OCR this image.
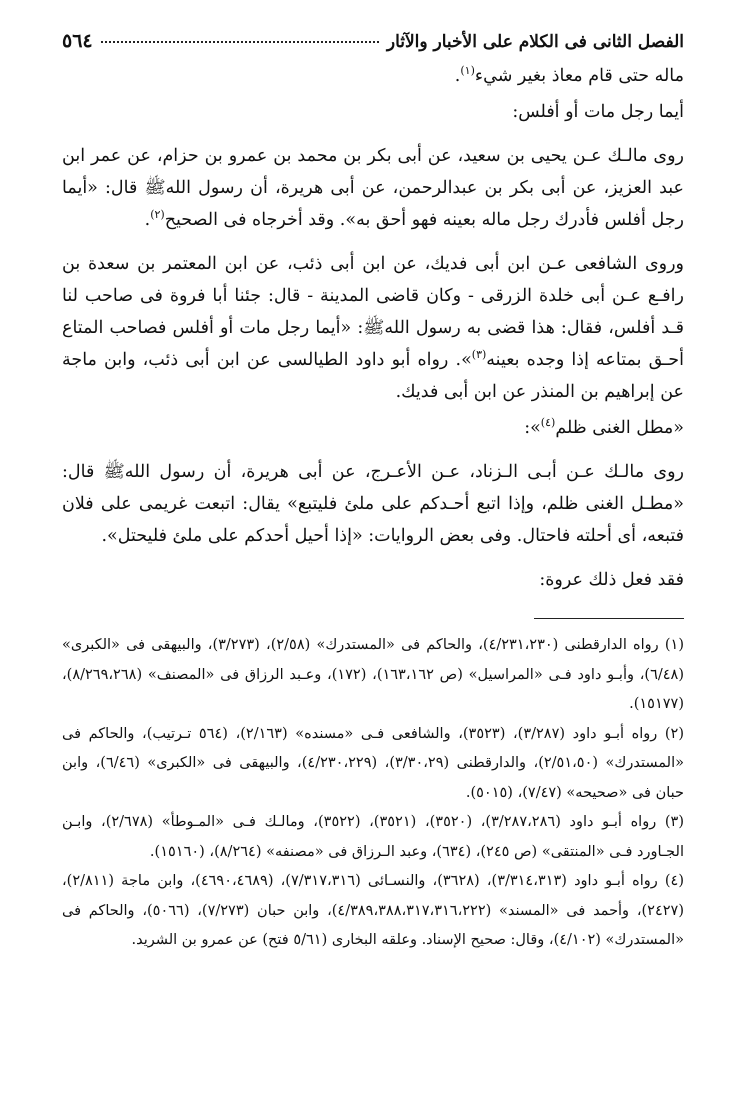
الفصل الثانى فى الكلام على الأخبار والآثار
٥٦٤

ماله حتى قام معاذ بغير شيء$^{(١)}$.

أيما رجل مات أو أفلس:

روى مالـك عـن يحيى بن سعيد، عن أبى بكر بن محمد بن عمرو بن حزام، عن عمر ابن عبد العزيز، عن أبى بكر بن عبدالرحمن، عن أبى هريرة، أن رسول اللهﷺ قال: «أيما رجل أفلس فأدرك رجل ماله بعينه فهو أحق به». وقد أخرجاه فى الصحيح$^{(٢)}$.

وروى الشافعى عـن ابن أبى فديك، عن ابن أبى ذئب، عن ابن المعتمر بن سعدة بن رافـع عـن أبى خلدة الزرقى - وكان قاضى المدينة - قال: جئنا أبا فروة فى صاحب لنا قـد أفلس، فقال: هذا قضى به رسول اللهﷺ: «أيما رجل مات أو أفلس فصاحب المتاع أحـق بمتاعه إذا وجده بعينه$^{(٣)}$». رواه أبو داود الطيالسى عن ابن أبى ذئب، وابن ماجة عن إبراهيم بن المنذر عن ابن أبى فديك.

«مطل الغنى ظلم$^{(٤)}$»:

روى مالـك عـن أبـى الـزناد، عـن الأعـرج، عن أبى هريرة، أن رسول اللهﷺ قال: «مطـل الغنى ظلم، وإذا اتبع أحـدكم على ملئ فليتبع» يقال: اتبعت غريمى على فلان فتبعه، أى أحلته فاحتال. وفى بعض الروايات: «إذا أحيل أحدكم على ملئ فليحتل».

فقد فعل ذلك عروة:

(١) رواه الدارقطنى (٤/٢٣١،٢٣٠)، والحاكم فى «المستدرك» (٢/٥٨)، (٣/٢٧٣)، والبيهقى فى «الكبرى» (٦/٤٨)، وأبـو داود فـى «المراسيل» (ص ١٦٣،١٦٢)، (١٧٢)، وعـبد الرزاق فى «المصنف» (٨/٢٦٩،٢٦٨)، (١٥١٧٧).

(٢) رواه أبـو داود (٣/٢٨٧)، (٣٥٢٣)، والشافعى فـى «مسنده» (٢/١٦٣)، (٥٦٤ تـرتيب)، والحاكم فى «المستدرك» (٢/٥١،٥٠)، والدارقطنى (٣/٣٠،٢٩)، (٤/٢٣٠،٢٢٩)، والبيهقى فى «الكبرى» (٦/٤٦)، وابن حبان فى «صحيحه» (٧/٤٧)، (٥٠١٥).

(٣) رواه أبـو داود (٣/٢٨٧،٢٨٦)، (٣٥٢٠)، (٣٥٢١)، (٣٥٢٢)، ومالـك فـى «المـوطأ» (٢/٦٧٨)، وابـن الجـاورد فـى «المنتقى» (ص ٢٤٥)، (٦٣٤)، وعبد الـرزاق فى «مصنفه» (٨/٢٦٤)، (١٥١٦٠).

(٤) رواه أبـو داود (٣/٣١٤،٣١٣)، (٣٦٢٨)، والنسـائى (٧/٣١٧،٣١٦)، (٤٦٩٠،٤٦٨٩)، وابن ماجة (٢/٨١١)، (٢٤٢٧)، وأحمد فى «المسند» (٤/٣٨٩،٣٨٨،٣١٧،٣١٦،٢٢٢)، وابن حبان (٧/٢٧٣)، (٥٠٦٦)، والحاكم فى «المستدرك» (٤/١٠٢)، وقال: صحيح الإسناد. وعلقه البخارى (٥/٦١ فتح) عن عمرو بن الشريد.
